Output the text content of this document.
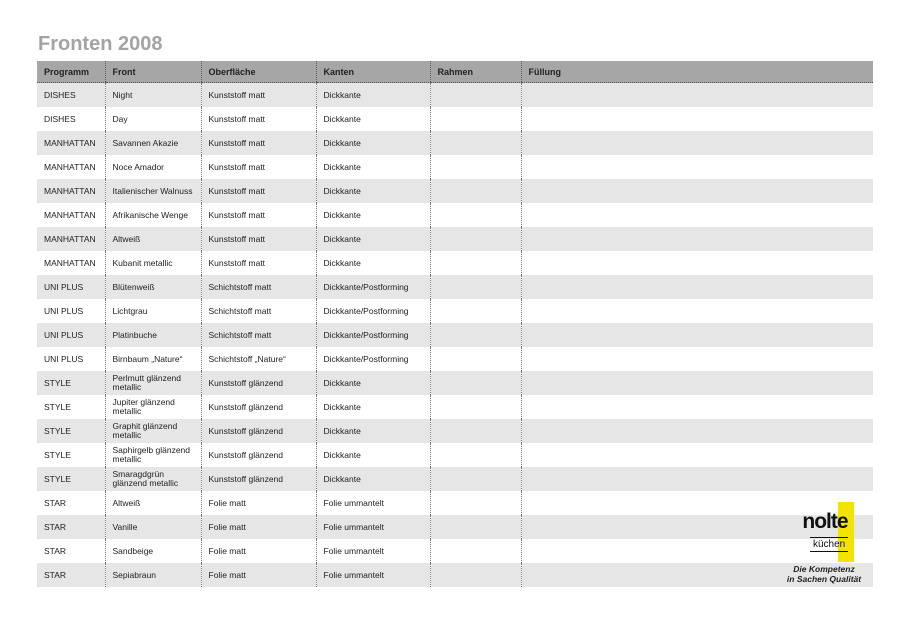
Fronten 2008
Programm	Front	Oberfläche	Kanten	Rahmen	Füllung
DISHES	Night	Kunststoff matt	Dickkante		
DISHES	Day	Kunststoff matt	Dickkante		
MANHATTAN	Savannen Akazie	Kunststoff matt	Dickkante		
MANHATTAN	Noce Amador	Kunststoff matt	Dickkante		
MANHATTAN	Italienischer Walnuss	Kunststoff matt	Dickkante		
MANHATTAN	Afrikanische Wenge	Kunststoff matt	Dickkante		
MANHATTAN	Altweiß	Kunststoff matt	Dickkante		
MANHATTAN	Kubanit metallic	Kunststoff matt	Dickkante		
UNI PLUS	Blütenweiß	Schichtstoff matt	Dickkante/Postforming		
UNI PLUS	Lichtgrau	Schichtstoff matt	Dickkante/Postforming		
UNI PLUS	Platinbuche	Schichtstoff matt	Dickkante/Postforming		
UNI PLUS	Birnbaum „Nature“	Schichtstoff „Nature“	Dickkante/Postforming		
STYLE	Perlmutt glänzend metallic	Kunststoff glänzend	Dickkante		
STYLE	Jupiter glänzend metallic	Kunststoff glänzend	Dickkante		
STYLE	Graphit glänzend metallic	Kunststoff glänzend	Dickkante		
STYLE	Saphirgelb glänzend metallic	Kunststoff glänzend	Dickkante		
STYLE	Smaragdgrün glänzend metallic	Kunststoff glänzend	Dickkante		
STAR	Altweiß	Folie matt	Folie ummantelt		
STAR	Vanille	Folie matt	Folie ummantelt		
STAR	Sandbeige	Folie matt	Folie ummantelt		
STAR	Sepiabraun	Folie matt	Folie ummantelt		
nolte
küchen
Die Kompetenz
in Sachen Qualität
